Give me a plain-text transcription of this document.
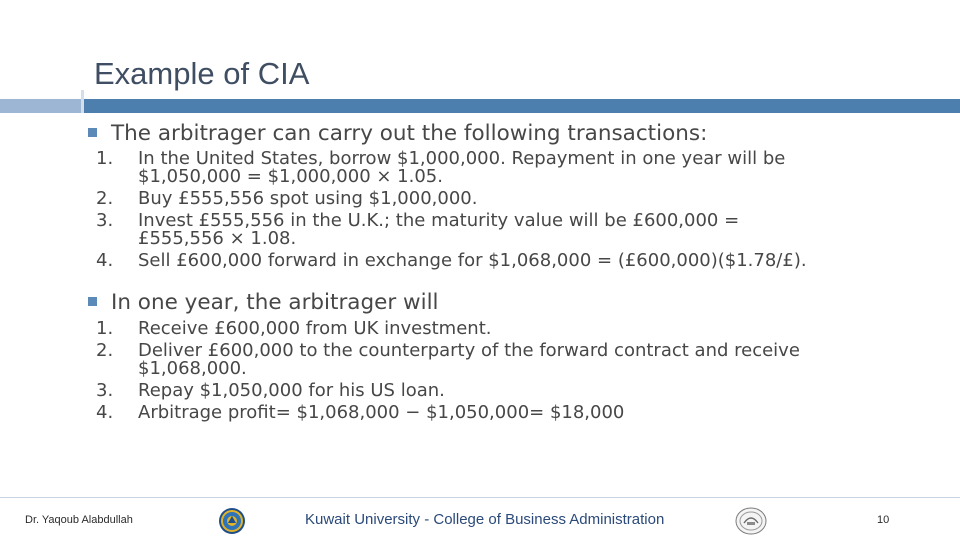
Example of CIA
The arbitrager can carry out the following transactions:
1. In the United States, borrow $1,000,000. Repayment in one year will be
$1,050,000 = $1,000,000 × 1.05.
2. Buy £555,556 spot using $1,000,000.
3. Invest £555,556 in the U.K.; the maturity value will be £600,000 =
£555,556 × 1.08.
4. Sell £600,000 forward in exchange for $1,068,000 = (£600,000)($1.78/£).
In one year, the arbitrager will
1. Receive £600,000 from UK investment.
2. Deliver £600,000 to the counterparty of the forward contract and receive
$1,068,000.
3. Repay $1,050,000 for his US loan.
4. Arbitrage profit= $1,068,000 − $1,050,000= $18,000
Dr. Yaqoub Alabdullah	Kuwait University - College of Business Administration	10
